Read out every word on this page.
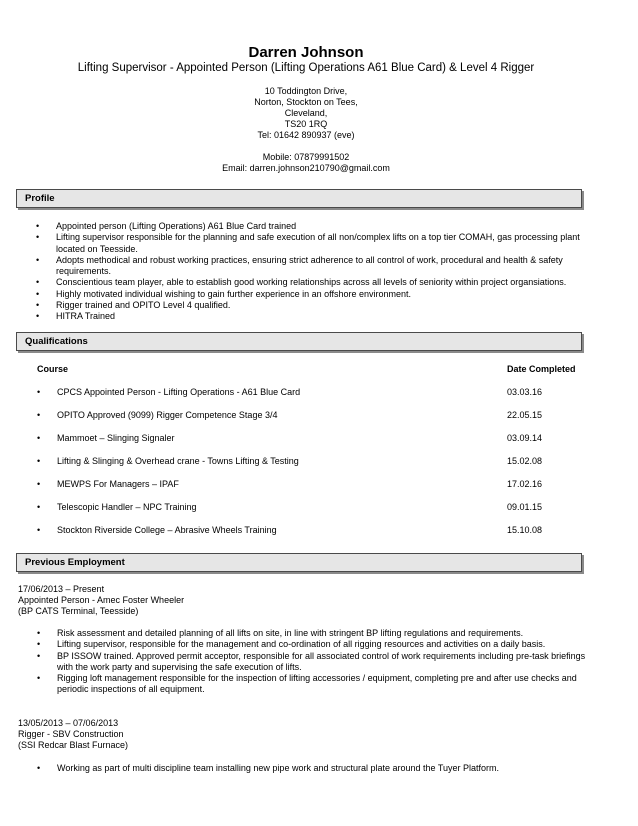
Darren Johnson
Lifting Supervisor - Appointed Person (Lifting Operations A61 Blue Card) & Level 4 Rigger
10 Toddington Drive,
Norton, Stockton on Tees,
Cleveland,
TS20 1RQ
Tel: 01642 890937 (eve)
Mobile: 07879991502
Email: darren.johnson210790@gmail.com
Profile
• Appointed person (Lifting Operations) A61 Blue Card trained
• Lifting supervisor responsible for the planning and safe execution of all non/complex lifts on a top tier COMAH, gas processing plant located on Teesside.
• Adopts methodical and robust working practices, ensuring strict adherence to all control of work, procedural and health & safety requirements.
• Conscientious team player, able to establish good working relationships across all levels of seniority within project organsiations.
• Highly motivated individual wishing to gain further experience in an offshore environment.
• Rigger trained and OPITO Level 4 qualified.
• HITRA Trained
Qualifications
Course	Date Completed
• CPCS Appointed Person - Lifting Operations - A61 Blue Card	03.03.16
• OPITO Approved (9099) Rigger Competence Stage 3/4	22.05.15
• Mammoet – Slinging Signaler	03.09.14
• Lifting & Slinging & Overhead crane - Towns Lifting & Testing	15.02.08
• MEWPS For Managers – IPAF	17.02.16
• Telescopic Handler – NPC Training	09.01.15
• Stockton Riverside College – Abrasive Wheels Training	15.10.08
Previous Employment
17/06/2013 – Present
Appointed Person - Amec Foster Wheeler
(BP CATS Terminal, Teesside)
• Risk assessment and detailed planning of all lifts on site, in line with stringent BP lifting regulations and requirements.
• Lifting supervisor, responsible for the management and co-ordination of all rigging resources and activities on a daily basis.
• BP ISSOW trained. Approved permit acceptor, responsible for all associated control of work requirements including pre-task briefings with the work party and supervising the safe execution of lifts.
• Rigging loft management responsible for the inspection of lifting accessories / equipment, completing pre and after use checks and periodic inspections of all equipment.
13/05/2013 – 07/06/2013
Rigger - SBV Construction
(SSI Redcar Blast Furnace)
• Working as part of multi discipline team installing new pipe work and structural plate around the Tuyer Platform.
